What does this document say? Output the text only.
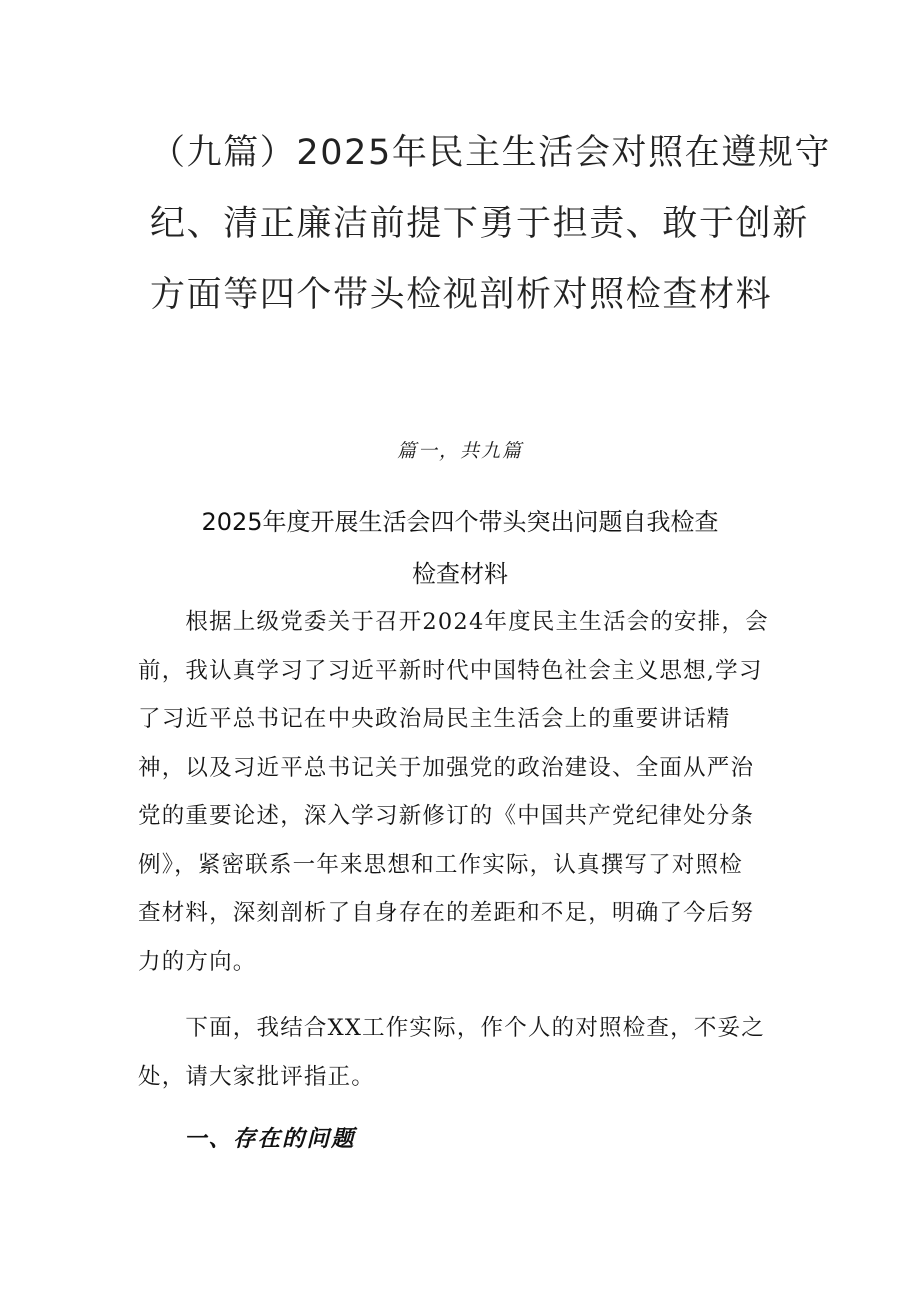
（九篇）2025年民主生活会对照在遵规守
纪、清正廉洁前提下勇于担责、敢于创新
方面等四个带头检视剖析对照检查材料

篇一，共九篇

2025年度开展生活会四个带头突出问题自我检查
检查材料

　　根据上级党委关于召开2024年度民主生活会的安排，会
前，我认真学习了习近平新时代中国特色社会主义思想,学习
了习近平总书记在中央政治局民主生活会上的重要讲话精
神，以及习近平总书记关于加强党的政治建设、全面从严治
党的重要论述，深入学习新修订的《中国共产党纪律处分条
例》，紧密联系一年来思想和工作实际，认真撰写了对照检
查材料，深刻剖析了自身存在的差距和不足，明确了今后努
力的方向。

　　下面，我结合XX工作实际，作个人的对照检查，不妥之
处，请大家批评指正。

一、存在的问题
